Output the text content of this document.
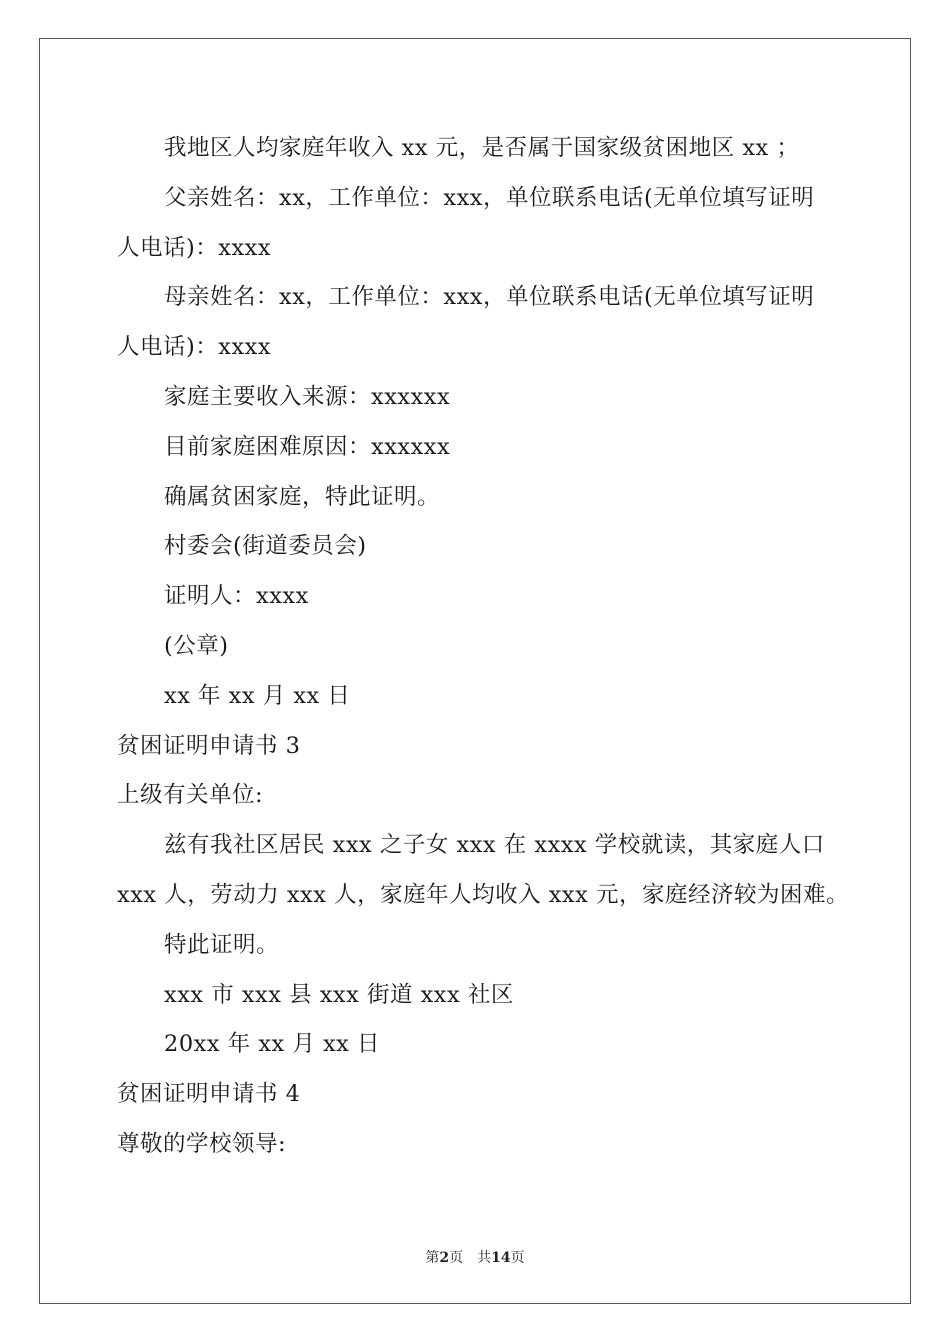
我地区人均家庭年收入 xx 元，是否属于国家级贫困地区 xx ；
父亲姓名：xx，工作单位：xxx，单位联系电话(无单位填写证明
人电话)：xxxx
母亲姓名：xx，工作单位：xxx，单位联系电话(无单位填写证明
人电话)：xxxx
家庭主要收入来源：xxxxxx
目前家庭困难原因：xxxxxx
确属贫困家庭，特此证明。
村委会(街道委员会)
证明人：xxxx
(公章)
xx 年 xx 月 xx 日
贫困证明申请书 3
上级有关单位:
兹有我社区居民 xxx 之子女 xxx 在 xxxx 学校就读，其家庭人口
xxx 人，劳动力 xxx 人，家庭年人均收入 xxx 元，家庭经济较为困难。
特此证明。
xxx 市 xxx 县 xxx 街道 xxx 社区
20xx 年 xx 月 xx 日
贫困证明申请书 4
尊敬的学校领导:
第2页 共14页
